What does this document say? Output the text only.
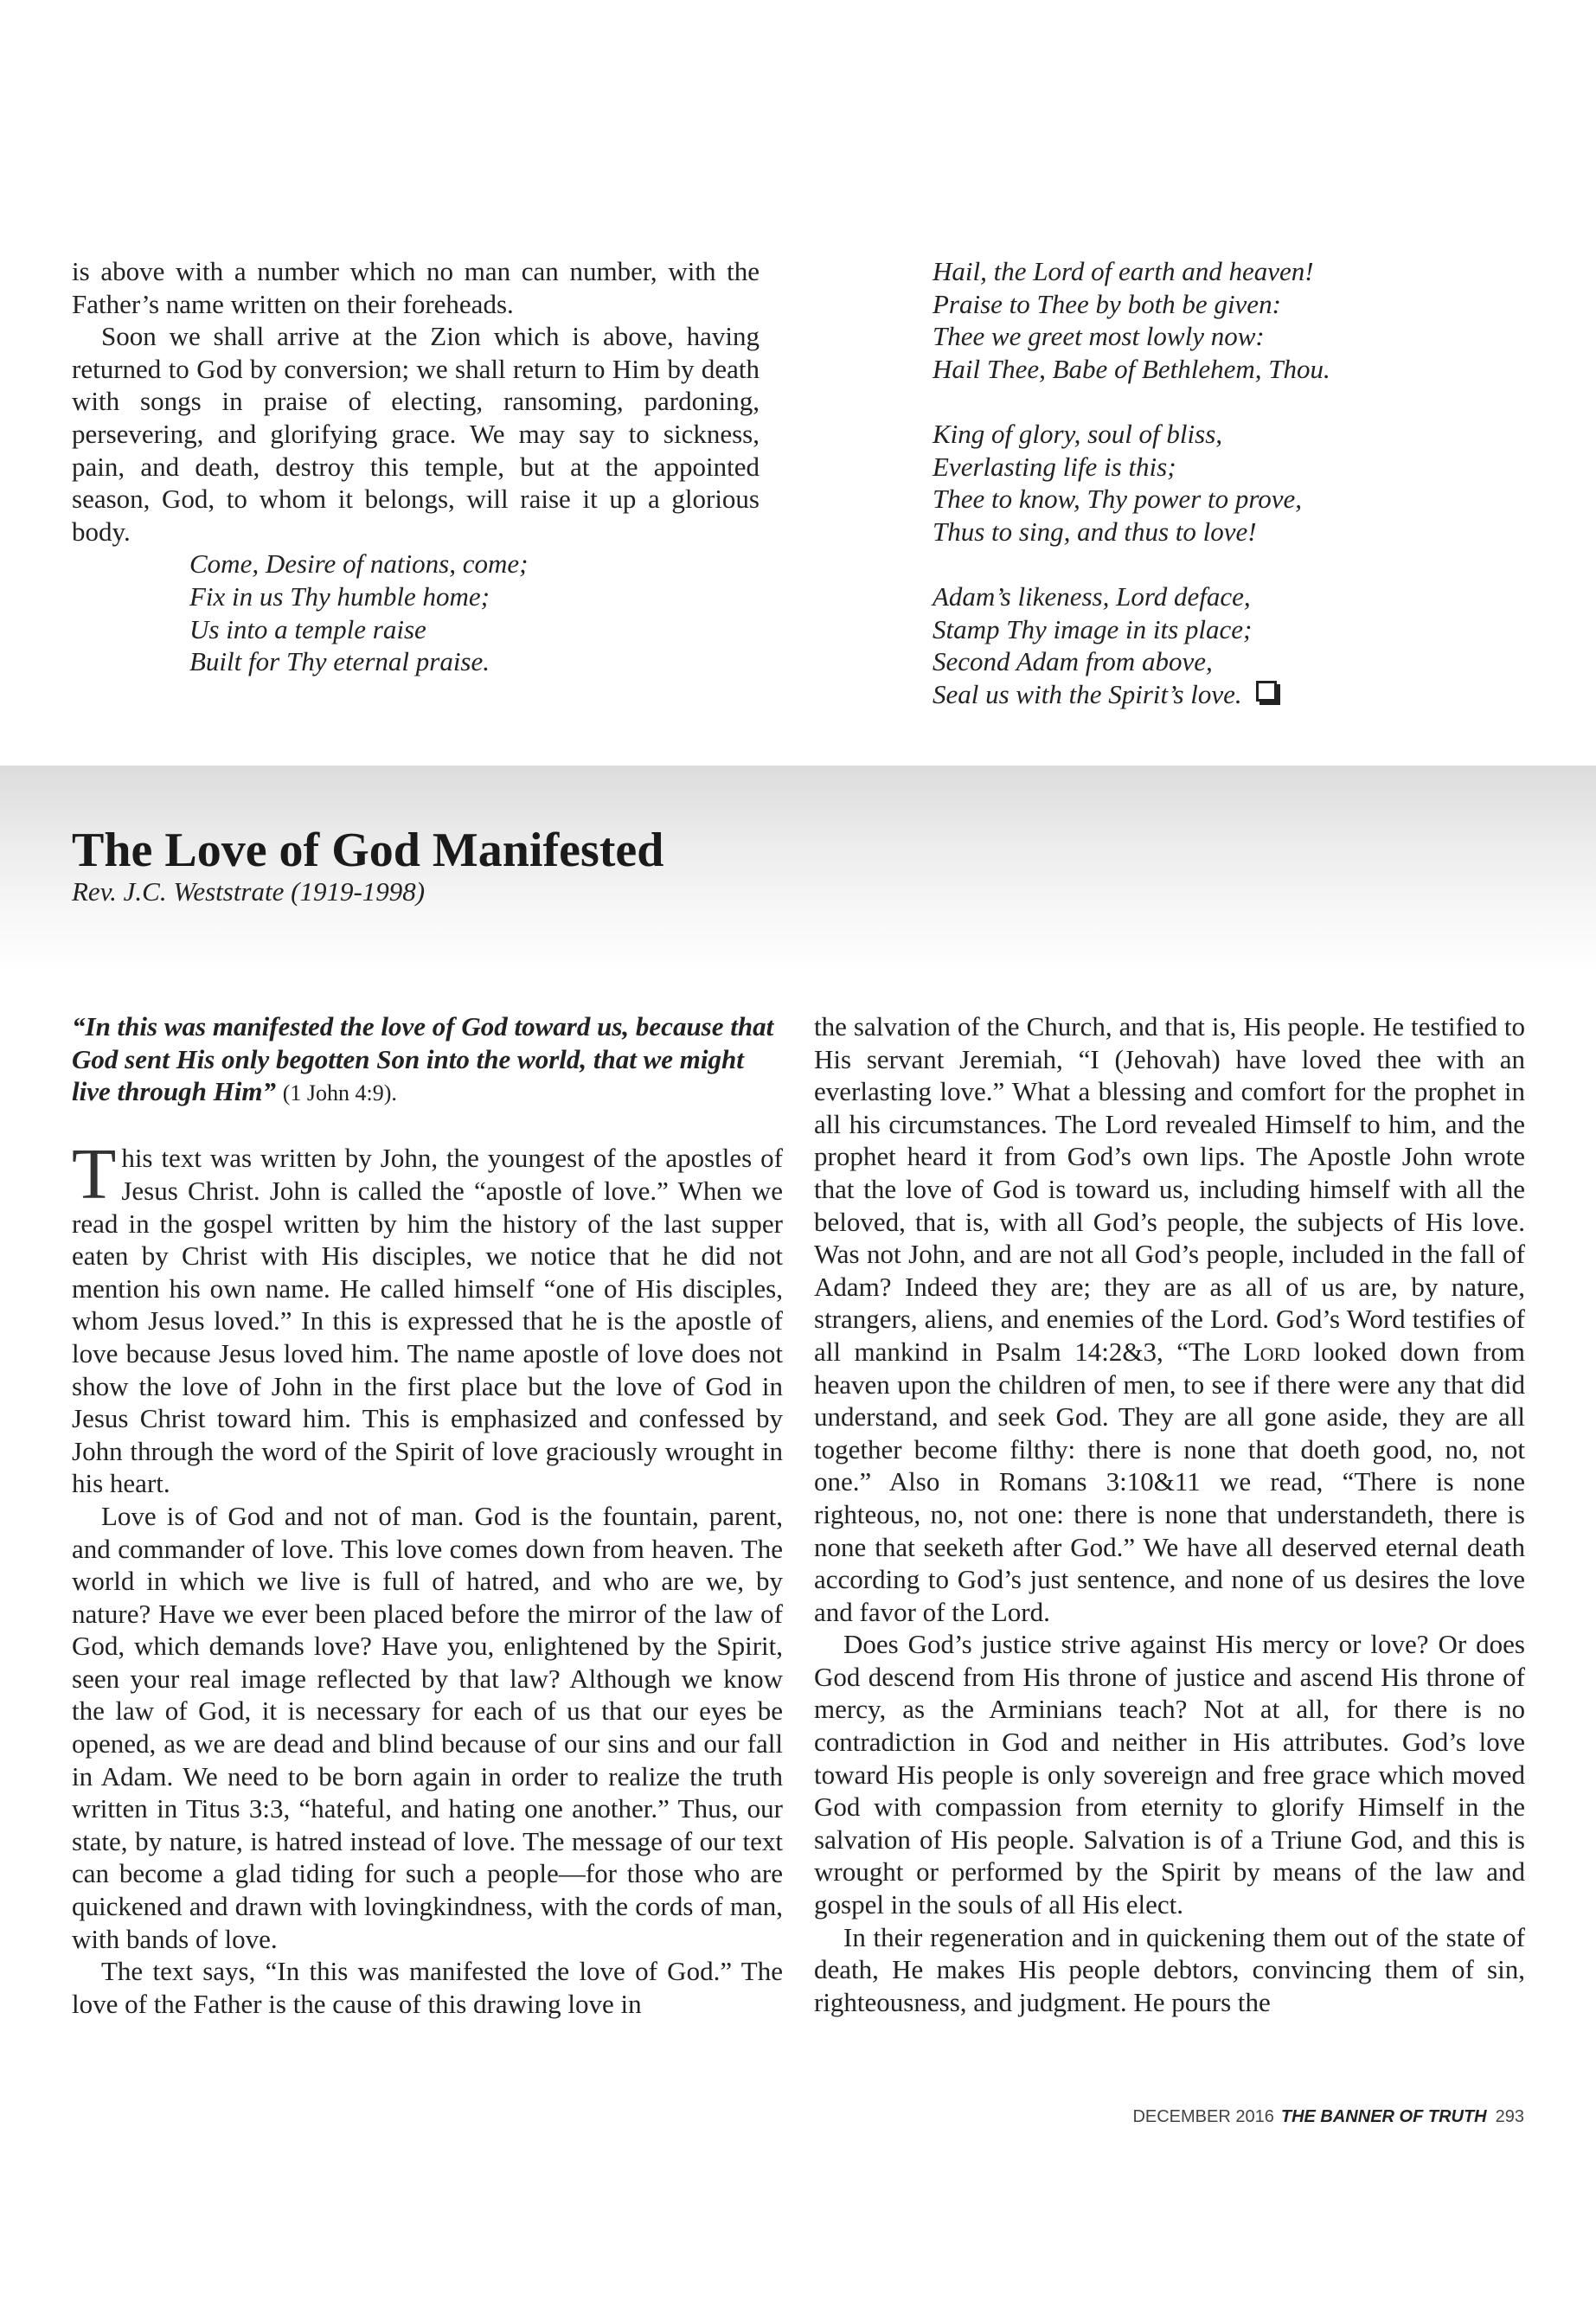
is above with a number which no man can number, with the Father’s name written on their foreheads.

Soon we shall arrive at the Zion which is above, having returned to God by conversion; we shall return to Him by death with songs in praise of electing, ransoming, pardoning, persevering, and glorifying grace. We may say to sickness, pain, and death, destroy this temple, but at the appointed season, God, to whom it belongs, will raise it up a glorious body.

Come, Desire of nations, come;
Fix in us Thy humble home;
Us into a temple raise
Built for Thy eternal praise.
Hail, the Lord of earth and heaven!
Praise to Thee by both be given:
Thee we greet most lowly now:
Hail Thee, Babe of Bethlehem, Thou.
King of glory, soul of bliss,
Everlasting life is this;
Thee to know, Thy power to prove,
Thus to sing, and thus to love!
Adam’s likeness, Lord deface,
Stamp Thy image in its place;
Second Adam from above,
Seal us with the Spirit’s love.
The Love of God Manifested

Rev. J.C. Weststrate (1919-1998)

“In this was manifested the love of God toward us, because that God sent His only begotten Son into the world, that we might live through Him” (1 John 4:9).

This text was written by John, the youngest of the apostles of Jesus Christ. John is called the “apostle of love.” When we read in the gospel written by him the history of the last supper eaten by Christ with His disciples, we notice that he did not mention his own name. He called himself “one of His disciples, whom Jesus loved.” In this is expressed that he is the apostle of love because Jesus loved him. The name apostle of love does not show the love of John in the first place but the love of God in Jesus Christ toward him. This is emphasized and confessed by John through the word of the Spirit of love graciously wrought in his heart.

Love is of God and not of man. God is the fountain, parent, and commander of love. This love comes down from heaven. The world in which we live is full of hatred, and who are we, by nature? Have we ever been placed before the mirror of the law of God, which demands love? Have you, enlightened by the Spirit, seen your real image reflected by that law? Although we know the law of God, it is necessary for each of us that our eyes be opened, as we are dead and blind because of our sins and our fall in Adam. We need to be born again in order to realize the truth written in Titus 3:3, “hateful, and hating one another.” Thus, our state, by nature, is hatred instead of love. The message of our text can become a glad tiding for such a people—for those who are quickened and drawn with lovingkindness, with the cords of man, with bands of love.

The text says, “In this was manifested the love of God.” The love of the Father is the cause of this drawing love in

the salvation of the Church, and that is, His people. He testified to His servant Jeremiah, “I (Jehovah) have loved thee with an everlasting love.” What a blessing and comfort for the prophet in all his circumstances. The Lord revealed Himself to him, and the prophet heard it from God’s own lips. The Apostle John wrote that the love of God is toward us, including himself with all the beloved, that is, with all God’s people, the subjects of His love. Was not John, and are not all God’s people, included in the fall of Adam? Indeed they are; they are as all of us are, by nature, strangers, aliens, and enemies of the Lord. God’s Word testifies of all mankind in Psalm 14:2&3, “The Lord looked down from heaven upon the children of men, to see if there were any that did understand, and seek God. They are all gone aside, they are all together become filthy: there is none that doeth good, no, not one.” Also in Romans 3:10&11 we read, “There is none righteous, no, not one: there is none that understandeth, there is none that seeketh after God.” We have all deserved eternal death according to God’s just sentence, and none of us desires the love and favor of the Lord.

Does God’s justice strive against His mercy or love? Or does God descend from His throne of justice and ascend His throne of mercy, as the Arminians teach? Not at all, for there is no contradiction in God and neither in His attributes. God’s love toward His people is only sovereign and free grace which moved God with compassion from eternity to glorify Himself in the salvation of His people. Salvation is of a Triune God, and this is wrought or performed by the Spirit by means of the law and gospel in the souls of all His elect.

In their regeneration and in quickening them out of the state of death, He makes His people debtors, convincing them of sin, righteousness, and judgment. He pours the

DECEMBER 2016 THE BANNER OF TRUTH 293
